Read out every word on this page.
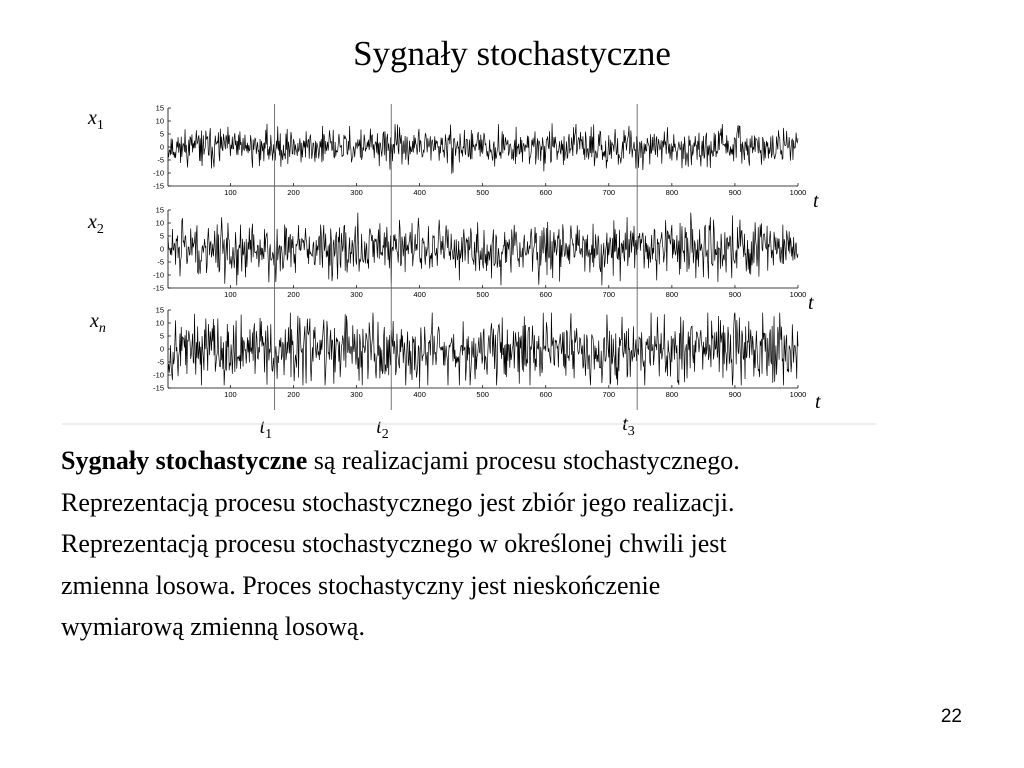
Sygnały stochastyczne
15
10
5
0
-5
-10
-15
100	200	300	400	500	600	700	800	900	1000
$x_1$
t
15
10
5
0
-5
-10
-15
100	200	300	400	500	600	700	800	900	1000
$x_2$
t
15
10
5
0
-5
-10
-15
100	200	300	400	500	600	700	800	900	1000
$x_n$
t
$t_1$	$t_2$	$t_3$
Sygnały stochastyczne są realizacjami procesu stochastycznego.
Reprezentacją procesu stochastycznego jest zbiór jego realizacji.
Reprezentacją procesu stochastycznego w określonej chwili jest
zmienna losowa. Proces stochastyczny jest nieskończenie
wymiarową zmienną losową.
22
